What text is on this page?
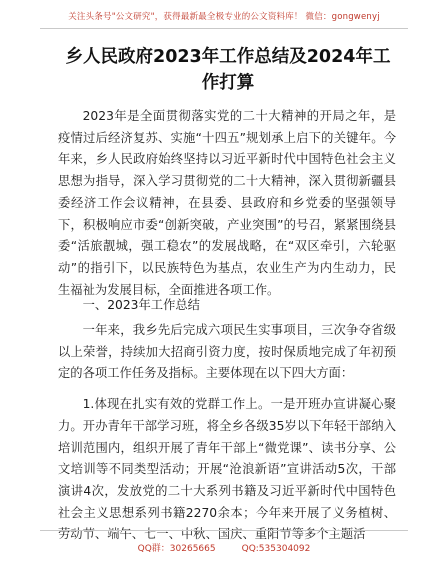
关注头条号"公文研究"，获得最新最全极专业的公文资料库！ 微信：gongwenyj
乡人民政府2023年工作总结及2024年工作打算

2023年是全面贯彻落实党的二十大精神的开局之年，是疫情过后经济复苏、实施“十四五”规划承上启下的关键年。今年来，乡人民政府始终坚持以习近平新时代中国特色社会主义思想为指导，深入学习贯彻党的二十大精神，深入贯彻新疆县委经济工作会议精神，在县委、县政府和乡党委的坚强领导下，积极响应市委“创新突破，产业突围”的号召，紧紧围绕县委“活旅靓城，强工稳农”的发展战略，在“双区牵引，六轮驱动”的指引下，以民族特色为基点，农业生产为内生动力，民生福祉为发展目标，全面推进各项工作。

一、2023年工作总结

一年来，我乡先后完成六项民生实事项目，三次争夺省级以上荣誉，持续加大招商引资力度，按时保质地完成了年初预定的各项工作任务及指标。主要体现在以下四大方面：

1.体现在扎实有效的党群工作上。一是开班办宣讲凝心聚力。开办青年干部学习班，将全乡各级35岁以下年轻干部纳入培训范围内，组织开展了青年干部上“微党课”、读书分享、公文培训等不同类型活动；开展“沧浪新语”宣讲活动5次，干部演讲4次，发放党的二十大系列书籍及习近平新时代中国特色社会主义思想系列书籍2270余本；今年来开展了义务植树、劳动节、端午、七一、中秋、国庆、重阳节等多个主题活

QQ群：30265665	QQ:535304092
